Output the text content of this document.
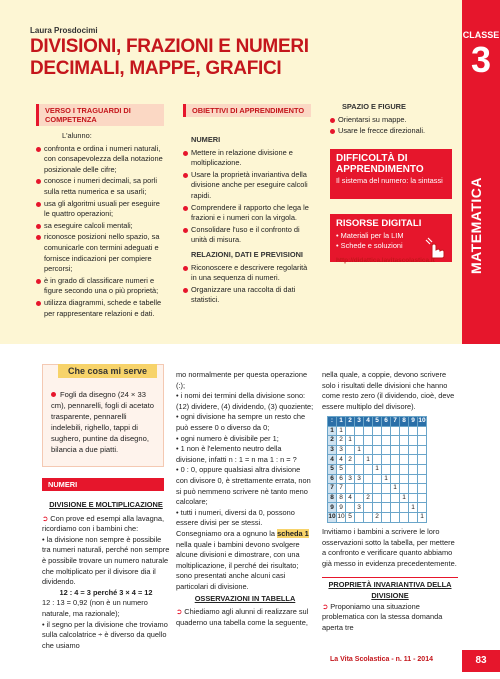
CLASSE
3
MATEMATICA
Laura Prosdocimi
DIVISIONI, FRAZIONI E NUMERI
DECIMALI, MAPPE, GRAFICI
VERSO I TRAGUARDI DI COMPETENZA
L'alunno:
confronta e ordina i numeri naturali, con consapevolezza della notazione posizionale delle cifre;
conosce i numeri decimali, sa porli sulla retta numerica e sa usarli;
usa gli algoritmi usuali per eseguire le quattro operazioni;
sa eseguire calcoli mentali;
riconosce posizioni nello spazio, sa comunicarle con termini adeguati e fornisce indicazioni per compiere percorsi;
è in grado di classificare numeri e figure secondo una o più proprietà;
utilizza diagrammi, schede e tabelle per rappresentare relazioni e dati.
OBIETTIVI DI APPRENDIMENTO
NUMERI
Mettere in relazione divisione e moltiplicazione.
Usare la proprietà invariantiva della divisione anche per eseguire calcoli rapidi.
Comprendere il rapporto che lega le frazioni e i numeri con la virgola.
Consolidare l'uso e il confronto di unità di misura.
RELAZIONI, DATI E PREVISIONI
Riconoscere e descrivere regolarità in una sequenza di numeri.
Organizzare una raccolta di dati statistici.
SPAZIO E FIGURE
Orientarsi su mappe.
Usare le frecce direzionali.
DIFFICOLTÀ DI APPRENDIMENTO
Il sistema del numero: la sintassi
RISORSE DIGITALI
• Materiali per la LIM
• Schede e soluzioni
http://didattica.lavitascolastica.it
Che cosa mi serve
Fogli da disegno (24 × 33 cm), pennarelli, fogli di acetato trasparente, pennarelli indelebili, righello, tappi di sughero, puntine da disegno, bilancia a due piatti.
NUMERI
DIVISIONE E MOLTIPLICAZIONE
➲ Con prove ed esempi alla lavagna, ricordiamo con i bambini che:
• la divisione non sempre è possibile tra numeri naturali, perché non sempre è possibile trovare un numero naturale che moltiplicato per il divisore dia il dividendo.
12 : 4 = 3 perché 3 × 4 = 12
12 : 13 = 0,92 (non è un numero naturale, ma razionale);
• il segno per la divisione che troviamo sulla calcolatrice ÷ è diverso da quello che usiamo
mo normalmente per questa operazione (:);
• i nomi dei termini della divisione sono: (12) dividere, (4) dividendo, (3) quoziente;
• ogni divisione ha sempre un resto che può essere 0 o diverso da 0;
• ogni numero è divisibile per 1;
• 1 non è l'elemento neutro della divisione, infatti n : 1 = n ma 1 : n = ?
• 0 : 0, oppure qualsiasi altra divisione con divisore 0, è strettamente errata, non si può nemmeno scrivere nè tanto meno calcolare;
• tutti i numeri, diversi da 0, possono essere divisi per se stessi.
Consegniamo ora a ognuno la scheda 1 nella quale i bambini devono svolgere alcune divisioni e dimostrare, con una moltiplicazione, il perché dei risultato; sono presentati anche alcuni casi particolari di divisione.
OSSERVAZIONI IN TABELLA
➲ Chiediamo agli alunni di realizzare sul quaderno una tabella come la seguente,
nella quale, a coppie, devono scrivere solo i risultati delle divisioni che hanno come resto zero (il dividendo, cioè, deve essere multiplo del divisore).
:	1	2	3	4	5	6	7	8	9	10
1	1									
2	2	1								
3	3		1							
4	4	2		1						
5	5				1					
6	6	3	3			1				
7	7						1			
8	8	4		2				1		
9	9		3						1	
10	10	5			2					1
Invitiamo i bambini a scrivere le loro osservazioni sotto la tabella, per mettere a confronto e verificare quanto abbiamo già messo in evidenza precedentemente.
PROPRIETÀ INVARIANTIVA DELLA DIVISIONE
➲ Proponiamo una situazione problematica con la stessa domanda aperta tre
La Vita Scolastica - n. 11 - 2014	83
